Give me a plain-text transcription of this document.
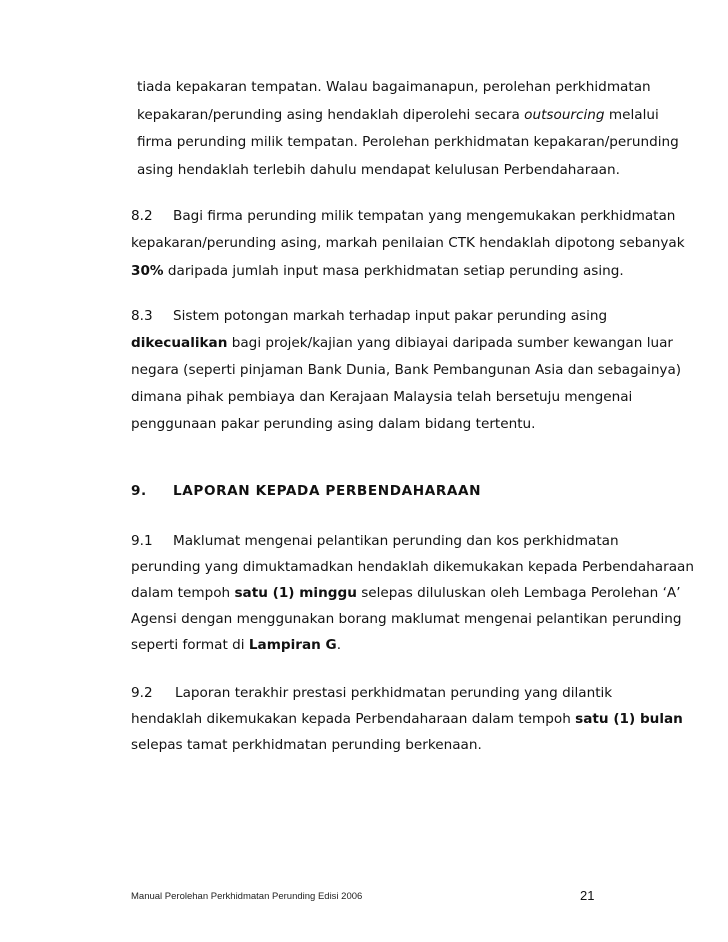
tiada kepakaran tempatan. Walau bagaimanapun, perolehan perkhidmatan
kepakaran/perunding asing hendaklah diperolehi secara outsourcing melalui
firma perunding milik tempatan. Perolehan perkhidmatan kepakaran/perunding
asing hendaklah terlebih dahulu mendapat kelulusan Perbendaharaan.
8.2 Bagi firma perunding milik tempatan yang mengemukakan perkhidmatan
kepakaran/perunding asing, markah penilaian CTK hendaklah dipotong sebanyak
30% daripada jumlah input masa perkhidmatan setiap perunding asing.
8.3 Sistem potongan markah terhadap input pakar perunding asing
dikecualikan bagi projek/kajian yang dibiayai daripada sumber kewangan luar
negara (seperti pinjaman Bank Dunia, Bank Pembangunan Asia dan sebagainya)
dimana pihak pembiaya dan Kerajaan Malaysia telah bersetuju mengenai
penggunaan pakar perunding asing dalam bidang tertentu.
9. LAPORAN KEPADA PERBENDAHARAAN
9.1 Maklumat mengenai pelantikan perunding dan kos perkhidmatan
perunding yang dimuktamadkan hendaklah dikemukakan kepada Perbendaharaan
dalam tempoh satu (1) minggu selepas diluluskan oleh Lembaga Perolehan ‘A’
Agensi dengan menggunakan borang maklumat mengenai pelantikan perunding
seperti format di Lampiran G.
9.2 Laporan terakhir prestasi perkhidmatan perunding yang dilantik
hendaklah dikemukakan kepada Perbendaharaan dalam tempoh satu (1) bulan
selepas tamat perkhidmatan perunding berkenaan.
Manual Perolehan Perkhidmatan Perunding Edisi 2006	21
